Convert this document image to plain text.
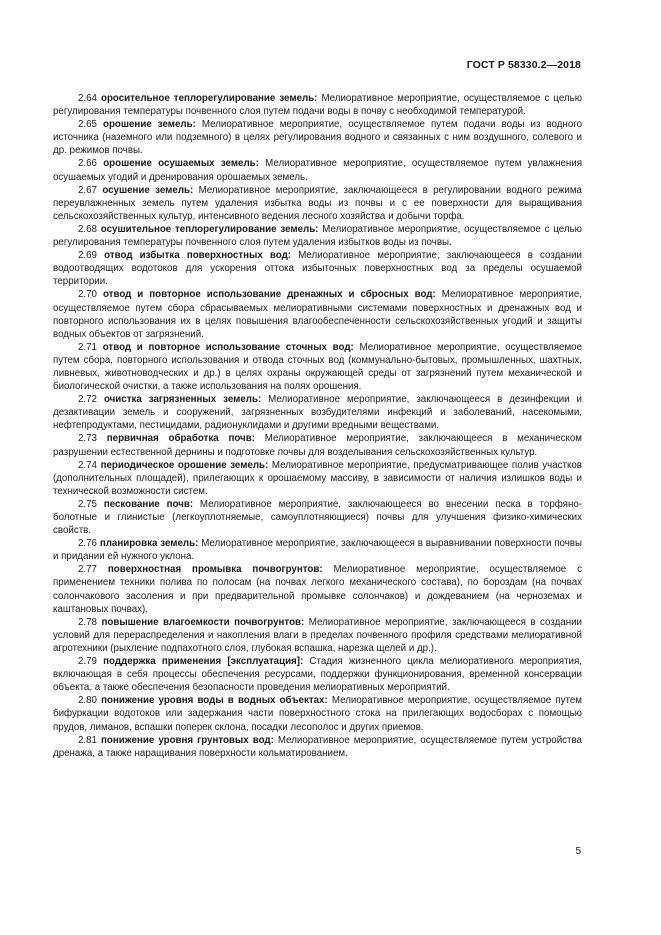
ГОСТ Р 58330.2—2018

2.64 оросительное теплорегулирование земель: Мелиоративное мероприятие, осуществляемое с целью регулирования температуры почвенного слоя путем подачи воды в почву с необходимой температурой.

2.65 орошение земель: Мелиоративное мероприятие, осуществляемое путем подачи воды из водного источника (наземного или подземного) в целях регулирования водного и связанных с ним воздушного, солевого и др. режимов почвы.

2.66 орошение осушаемых земель: Мелиоративное мероприятие, осуществляемое путем увлажнения осушаемых угодий и дренирования орошаемых земель.

2.67 осушение земель: Мелиоративное мероприятие, заключающееся в регулировании водного режима переувлажненных земель путем удаления избытка воды из почвы и с ее поверхности для выращивания сельскохозяйственных культур, интенсивного ведения лесного хозяйства и добычи торфа.

2.68 осушительное теплорегулирование земель: Мелиоративное мероприятие, осуществляемое с целью регулирования температуры почвенного слоя путем удаления избытков воды из почвы.

2.69 отвод избытка поверхностных вод: Мелиоративное мероприятие, заключающееся в создании водоотводящих водотоков для ускорения оттока избыточных поверхностных вод за пределы осушаемой территории.

2.70 отвод и повторное использование дренажных и сбросных вод: Мелиоративное мероприятие, осуществляемое путем сбора сбрасываемых мелиоративными системами поверхностных и дренажных вод и повторного использования их в целях повышения влагообеспеченности сельскохозяйственных угодий и защиты водных объектов от загрязнений.

2.71 отвод и повторное использование сточных вод: Мелиоративное мероприятие, осуществляемое путем сбора, повторного использования и отвода сточных вод (коммунально-бытовых, промышленных, шахтных, ливневых, животноводческих и др.) в целях охраны окружающей среды от загрязнений путем механической и биологической очистки, а также использования на полях орошения.

2.72 очистка загрязненных земель: Мелиоративное мероприятие, заключающееся в дезинфекции и дезактивации земель и сооружений, загрязненных возбудителями инфекций и заболеваний, насекомыми, нефтепродуктами, пестицидами, радионуклидами и другими вредными веществами.

2.73 первичная обработка почв: Мелиоративное мероприятие, заключающееся в механическом разрушении естественной дернины и подготовке почвы для возделывания сельскохозяйственных культур.

2.74 периодическое орошение земель: Мелиоративное мероприятие, предусматривающее полив участков (дополнительных площадей), прилегающих к орошаемому массиву, в зависимости от наличия излишков воды и технической возможности систем.

2.75 пескование почв: Мелиоративное мероприятие, заключающееся во внесении песка в торфяно-болотные и глинистые (легкоуплотняемые, самоуплотняющиеся) почвы для улучшения физико-химических свойств.

2.76 планировка земель: Мелиоративное мероприятие, заключающееся в выравнивании поверхности почвы и придании ей нужного уклона.

2.77 поверхностная промывка почвогрунтов: Мелиоративное мероприятие, осуществляемое с применением техники полива по полосам (на почвах легкого механического состава), по бороздам (на почвах солончакового засоления и при предварительной промывке солончаков) и дождеванием (на черноземах и каштановых почвах).

2.78 повышение влагоемкости почвогрунтов: Мелиоративное мероприятие, заключающееся в создании условий для перераспределения и накопления влаги в пределах почвенного профиля средствами мелиоративной агротехники (рыхление подпахотного слоя, глубокая вспашка, нарезка щелей и др.).

2.79 поддержка применения [эксплуатация]: Стадия жизненного цикла мелиоративного мероприятия, включающая в себя процессы обеспечения ресурсами, поддержки функционирования, временной консервации объекта, а также обеспечения безопасности проведения мелиоративных мероприятий.

2.80 понижение уровня воды в водных объектах: Мелиоративное мероприятие, осуществляемое путем бифуркации водотоков или задержания части поверхностного стока на прилегающих водосборах с помощью прудов, лиманов, вспашки поперек склона, посадки лесополос и других приемов.

2.81 понижение уровня грунтовых вод: Мелиоративное мероприятие, осуществляемое путем устройства дренажа, а также наращивания поверхности кольматированием.

5
